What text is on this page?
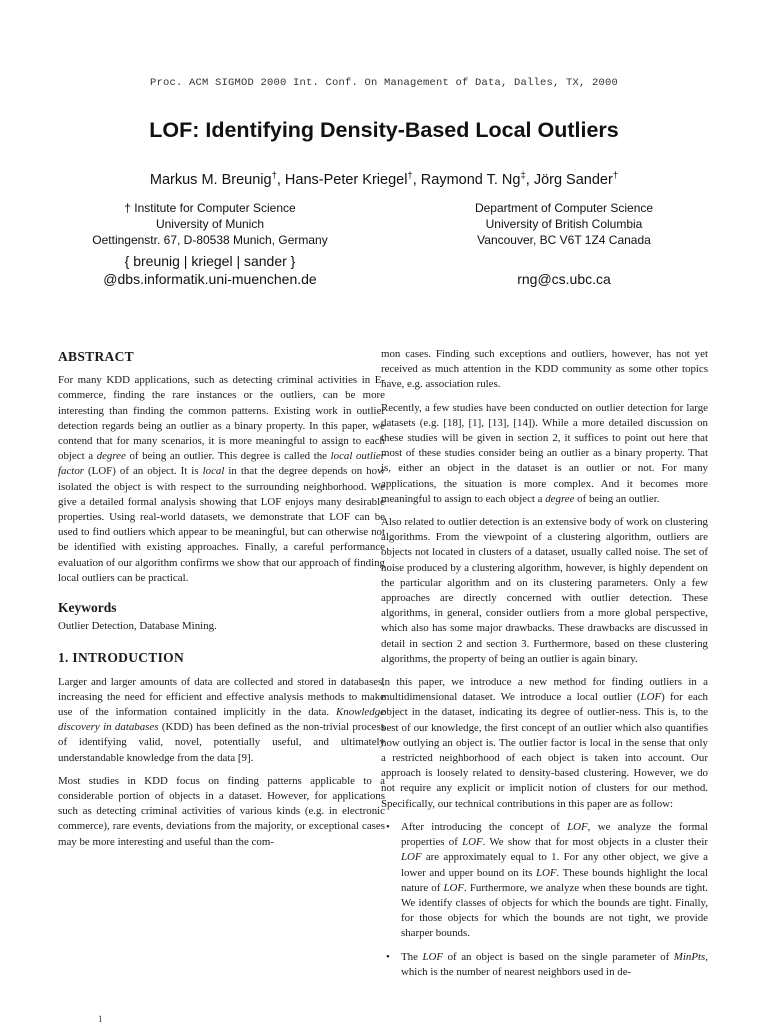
Proc. ACM SIGMOD 2000 Int. Conf. On Management of Data, Dalles, TX, 2000
LOF: Identifying Density-Based Local Outliers
Markus M. Breunig†, Hans-Peter Kriegel†, Raymond T. Ng‡, Jörg Sander†
† Institute for Computer Science
University of Munich
Oettingenstr. 67, D-80538 Munich, Germany
Department of Computer Science
University of British Columbia
Vancouver, BC V6T 1Z4 Canada
{ breunig | kriegel | sander }
@dbs.informatik.uni-muenchen.de	rng@cs.ubc.ca
ABSTRACT

For many KDD applications, such as detecting criminal activities in E-commerce, finding the rare instances or the outliers, can be more interesting than finding the common patterns. Existing work in outlier detection regards being an outlier as a binary property. In this paper, we contend that for many scenarios, it is more meaningful to assign to each object a degree of being an outlier. This degree is called the local outlier factor (LOF) of an object. It is local in that the degree depends on how isolated the object is with respect to the surrounding neighborhood. We give a detailed formal analysis showing that LOF enjoys many desirable properties. Using real-world datasets, we demonstrate that LOF can be used to find outliers which appear to be meaningful, but can otherwise not be identified with existing approaches. Finally, a careful performance evaluation of our algorithm confirms we show that our approach of finding local outliers can be practical.

Keywords

Outlier Detection, Database Mining.

1. INTRODUCTION

Larger and larger amounts of data are collected and stored in databases, increasing the need for efficient and effective analysis methods to make use of the information contained implicitly in the data. Knowledge discovery in databases (KDD) has been defined as the non-trivial process of identifying valid, novel, potentially useful, and ultimately understandable knowledge from the data [9].

Most studies in KDD focus on finding patterns applicable to a considerable portion of objects in a dataset. However, for applications such as detecting criminal activities of various kinds (e.g. in electronic commerce), rare events, deviations from the majority, or exceptional cases may be more interesting and useful than the com-

mon cases. Finding such exceptions and outliers, however, has not yet received as much attention in the KDD community as some other topics have, e.g. association rules.

Recently, a few studies have been conducted on outlier detection for large datasets (e.g. [18], [1], [13], [14]). While a more detailed discussion on these studies will be given in section 2, it suffices to point out here that most of these studies consider being an outlier as a binary property. That is, either an object in the dataset is an outlier or not. For many applications, the situation is more complex. And it becomes more meaningful to assign to each object a degree of being an outlier.

Also related to outlier detection is an extensive body of work on clustering algorithms. From the viewpoint of a clustering algorithm, outliers are objects not located in clusters of a dataset, usually called noise. The set of noise produced by a clustering algorithm, however, is highly dependent on the particular algorithm and on its clustering parameters. Only a few approaches are directly concerned with outlier detection. These algorithms, in general, consider outliers from a more global perspective, which also has some major drawbacks. These drawbacks are discussed in detail in section 2 and section 3. Furthermore, based on these clustering algorithms, the property of being an outlier is again binary.

In this paper, we introduce a new method for finding outliers in a multidimensional dataset. We introduce a local outlier (LOF) for each object in the dataset, indicating its degree of outlier-ness. This is, to the best of our knowledge, the first concept of an outlier which also quantifies how outlying an object is. The outlier factor is local in the sense that only a restricted neighborhood of each object is taken into account. Our approach is loosely related to density-based clustering. However, we do not require any explicit or implicit notion of clusters for our method. Specifically, our technical contributions in this paper are as follow:

• After introducing the concept of LOF, we analyze the formal properties of LOF. We show that for most objects in a cluster their LOF are approximately equal to 1. For any other object, we give a lower and upper bound on its LOF. These bounds highlight the local nature of LOF. Furthermore, we analyze when these bounds are tight. We identify classes of objects for which the bounds are tight. Finally, for those objects for which the bounds are not tight, we provide sharper bounds.
• The LOF of an object is based on the single parameter of MinPts, which is the number of nearest neighbors used in de-
1
